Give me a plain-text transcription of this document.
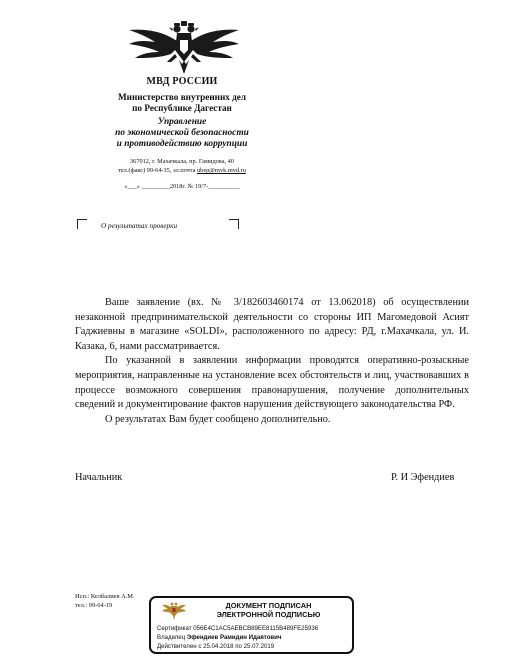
МВД РОССИИ
Министерство внутренних дел
по Республике Дагестан
Управление
по экономической безопасности
и противодействию коррупции
367012, г. Махачкала, пр. Гамидова, 40
тел.(факс) 99-64-35, эл.почта ubep@mvk.mvd.ru
«___» _________2018г. № 19/7-__________
О результатах проверки

Ваше заявление (вх. № 3/182603460174 от 13.062018) об осуществлении незаконной предпринимательской деятельности со стороны ИП Магомедовой Асият Гаджиевны в магазине «SOLDI», расположенного по адресу: РД, г.Махачкала, ул. И. Казака, 6, нами рассматривается.

По указанной в заявлении информации проводятся оперативно-розыскные мероприятия, направленные на установление всех обстоятельств и лиц, участвовавших в процессе возможного совершения правонарушения, получение дополнительных сведений и документирование фактов нарушения действующего законодательства РФ.

О результатах Вам будет сообщено дополнительно.

Начальник	Р. И Эфендиев
Исп.: Келбалиев А.М.
тел.: 99-64-19	ДОКУМЕНТ ПОДПИСАН
ЭЛЕКТРОННОЙ ПОДПИСЬЮ
Сертификат 056E4C1AC5AEBCB89EE8115B489FE25936
Владелец Эфендиев Рамидин Идаятович
Действителен с 25.04.2018 по 25.07.2019
